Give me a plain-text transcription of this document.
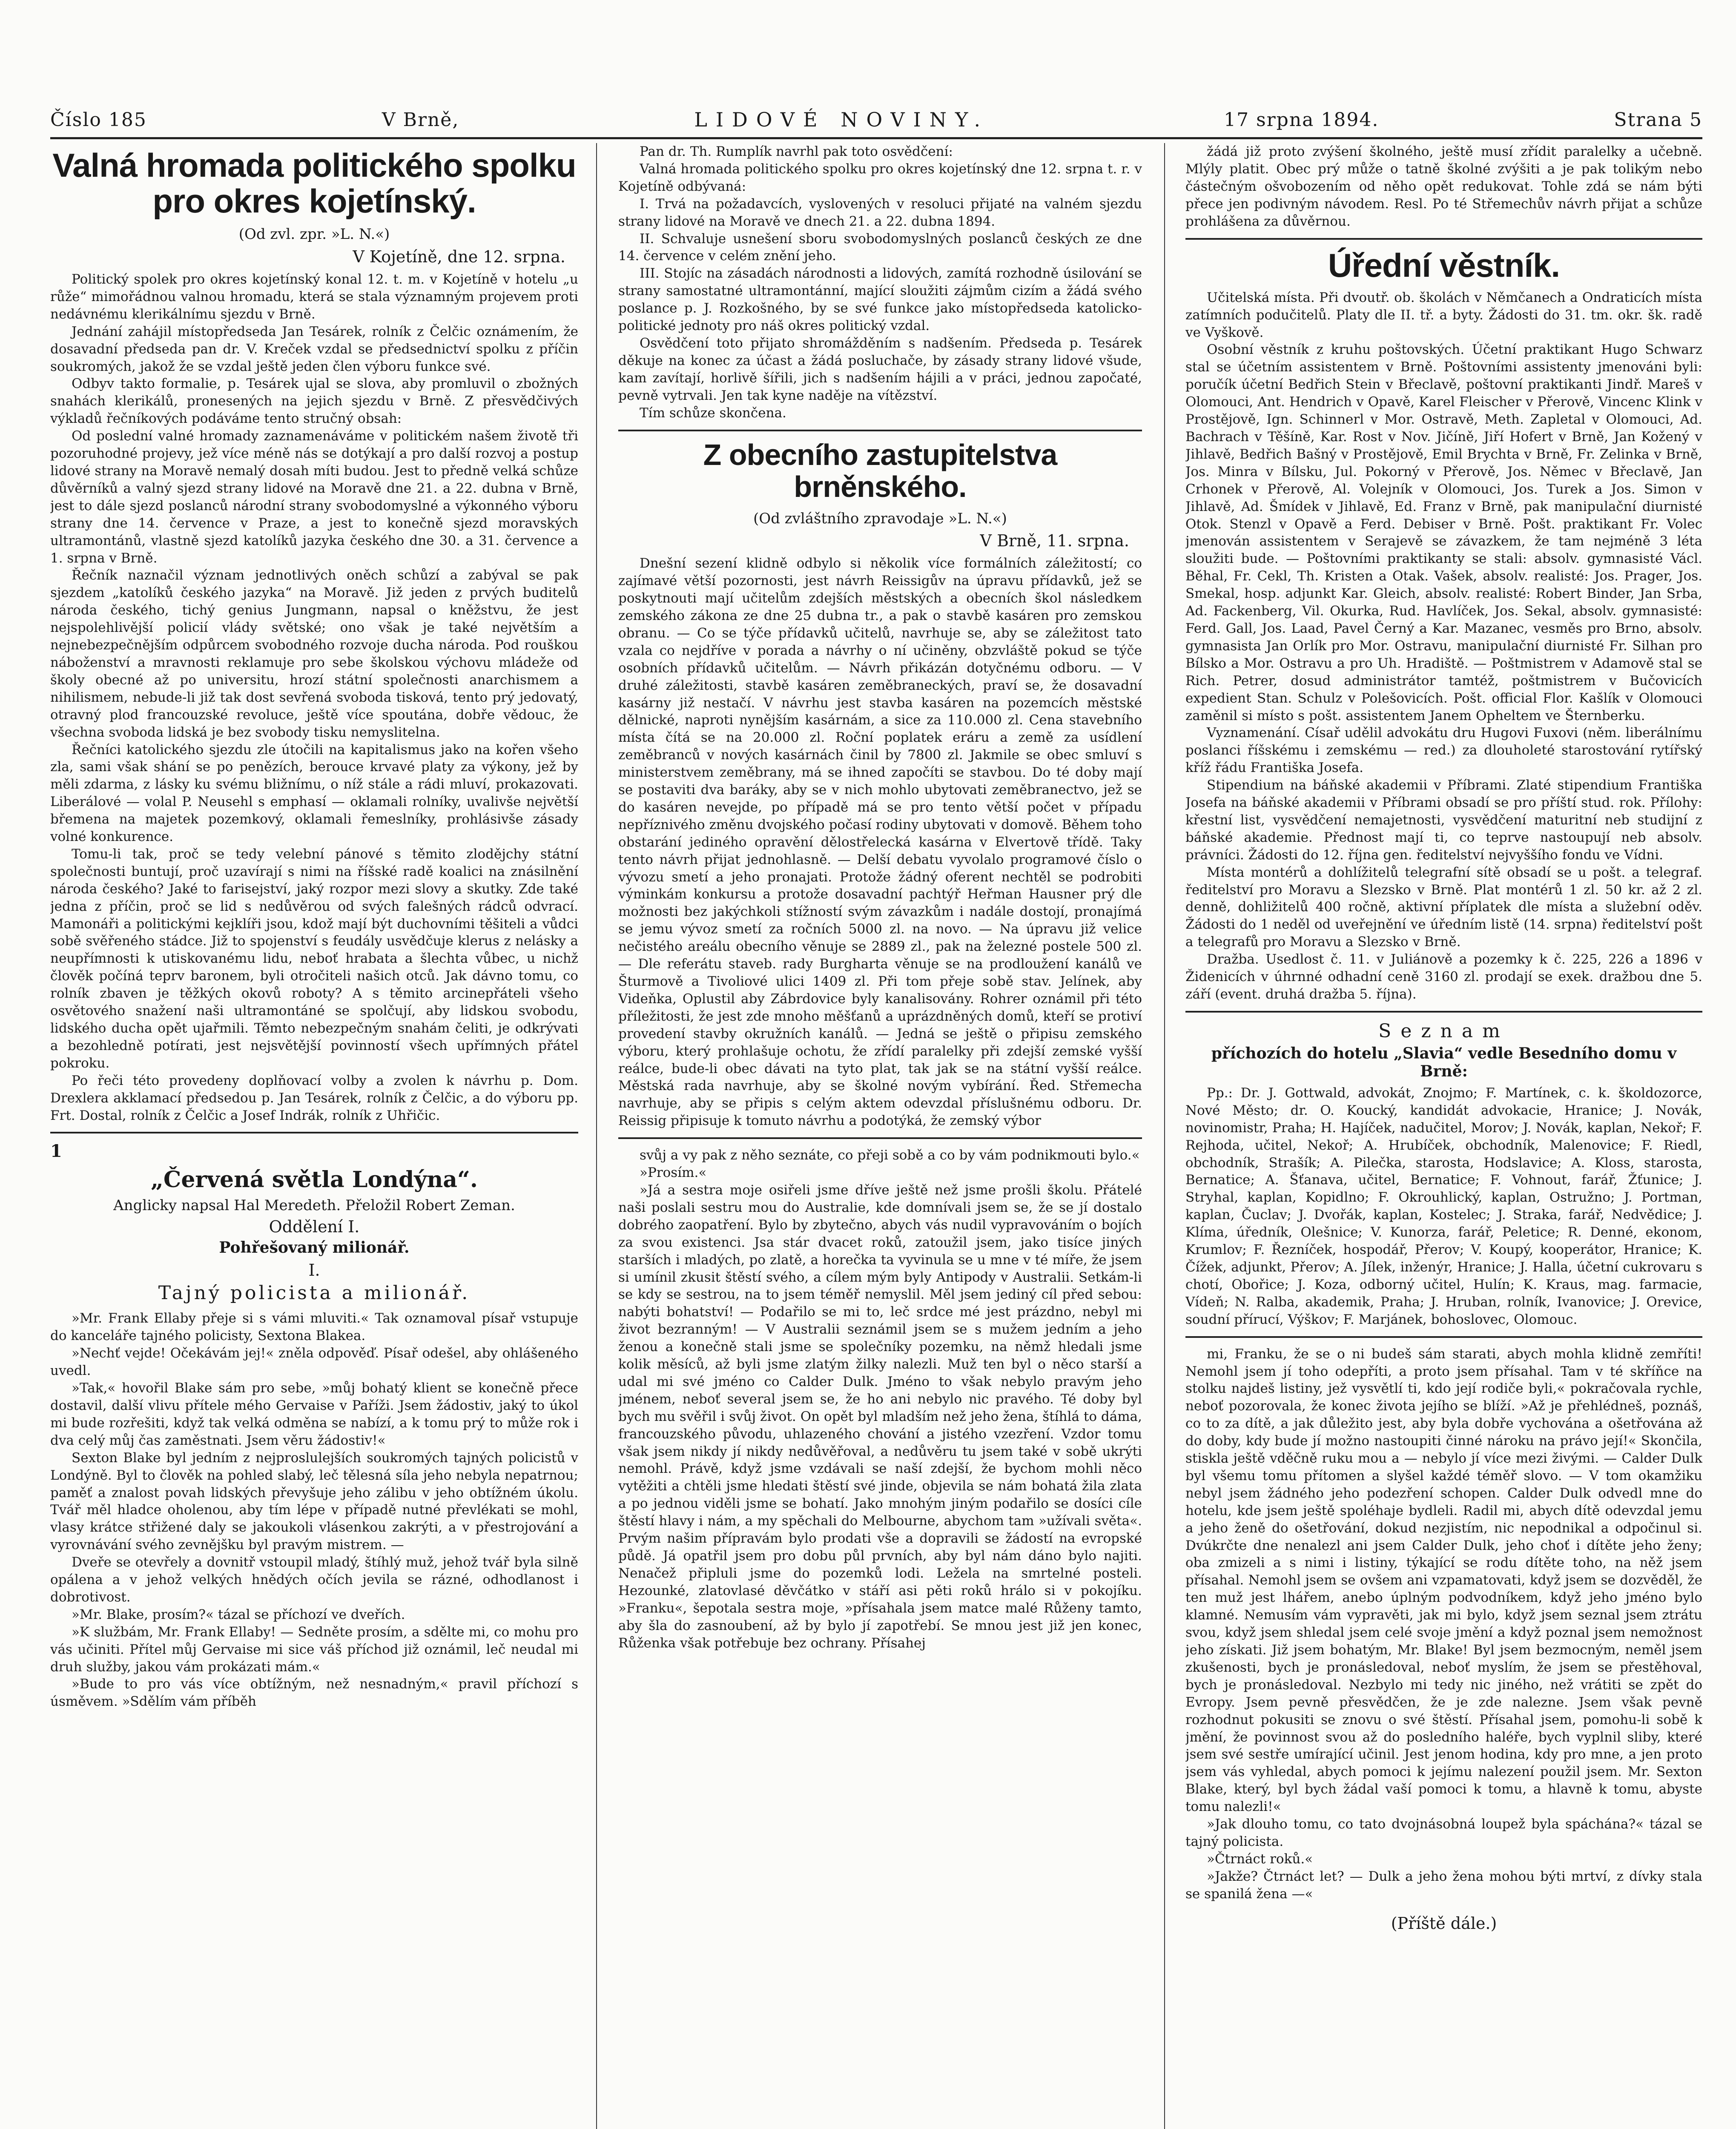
Číslo 185	V Brně,	LIDOVÉ NOVINY.	17 srpna 1894.	Strana 5
Valná hromada politického spolku pro okres kojetínský.
(Od zvl. zpr. »L. N.«)
V Kojetíně, dne 12. srpna.

Politický spolek pro okres kojetínský konal 12. t. m. v Kojetíně v hotelu „u růže“ mimořádnou valnou hromadu, která se stala významným projevem proti nedávnému klerikálnímu sjezdu v Brně.

Jednání zahájil místopředseda Jan Tesárek, rolník z Čelčic oznámením, že dosavadní předseda pan dr. V. Kreček vzdal se předsednictví spolku z příčin soukromých, jakož že se vzdal ještě jeden člen výboru funkce své.

Odbyv takto formalie, p. Tesárek ujal se slova, aby promluvil o zbožných snahách klerikálů, pronesených na jejich sjezdu v Brně. Z přesvědčivých výkladů řečníkových podáváme tento stručný obsah:

Od poslední valné hromady zaznamenáváme v politickém našem životě tři pozoruhodné projevy, jež více méně nás se dotýkají a pro další rozvoj a postup lidové strany na Moravě nemalý dosah míti budou. Jest to předně velká schůze důvěrníků a valný sjezd strany lidové na Moravě dne 21. a 22. dubna v Brně, jest to dále sjezd poslanců národní strany svobodomyslné a výkonného výboru strany dne 14. července v Praze, a jest to konečně sjezd moravských ultramontánů, vlastně sjezd katolíků jazyka českého dne 30. a 31. července a 1. srpna v Brně.

Řečník naznačil význam jednotlivých oněch schůzí a zabýval se pak sjezdem „katolíků českého jazyka“ na Moravě. Již jeden z prvých buditelů národa českého, tichý genius Jungmann, napsal o kněžstvu, že jest nejspolehlivější policií vlády světské; ono však je také největším a nejnebezpečnějším odpůrcem svobodného rozvoje ducha národa. Pod rouškou náboženství a mravnosti reklamuje pro sebe školskou výchovu mládeže od školy obecné až po universitu, hrozí státní společnosti anarchismem a nihilismem, nebude-li již tak dost sevřená svoboda tisková, tento prý jedovatý, otravný plod francouzské revoluce, ještě více spoutána, dobře vědouc, že všechna svoboda lidská je bez svobody tisku nemyslitelna.

Řečníci katolického sjezdu zle útočili na kapitalismus jako na kořen všeho zla, sami však shání se po penězích, berouce krvavé platy za výkony, jež by měli zdarma, z lásky ku svému bližnímu, o níž stále a rádi mluví, prokazovati. Liberálové — volal P. Neusehl s emphasí — oklamali rolníky, uvalivše největší břemena na majetek pozemkový, oklamali řemeslníky, prohlásivše zásady volné konkurence.

Tomu-li tak, proč se tedy velební pánové s těmito zlodějchy státní společnosti buntují, proč uzavírají s nimi na říšské radě koalici na znásilnění národa českého? Jaké to farisejství, jaký rozpor mezi slovy a skutky. Zde také jedna z příčin, proč se lid s nedůvěrou od svých falešných rádců odvrací. Mamonáři a politickými kejklíři jsou, kdož mají být duchovními těšiteli a vůdci sobě svěřeného stádce. Již to spojenství s feudály usvědčuje klerus z nelásky a neupřímnosti k utiskovanému lidu, neboť hrabata a šlechta vůbec, u nichž člověk počíná teprv baronem, byli otročiteli našich otců. Jak dávno tomu, co rolník zbaven je těžkých okovů roboty? A s těmito arcinepřáteli všeho osvětového snažení naši ultramontáné se spolčují, aby lidskou svobodu, lidského ducha opět ujařmili. Těmto nebezpečným snahám čeliti, je odkrývati a bezohledně potírati, jest nejsvětější povinností všech upřímných přátel pokroku.

Po řeči této provedeny doplňovací volby a zvolen k návrhu p. Dom. Drexlera akklamací předsedou p. Jan Tesárek, rolník z Čelčic, a do výboru pp. Frt. Dostal, rolník z Čelčic a Josef Indrák, rolník z Uhřičic.

1
„Červená světla Londýna“.
Anglicky napsal Hal Meredeth. Přeložil Robert Zeman.
Oddělení I.
Pohřešovaný milionář.
I.
Tajný policista a milionář.

»Mr. Frank Ellaby přeje si s vámi mluviti.« Tak oznamoval písař vstupuje do kanceláře tajného policisty, Sextona Blakea.

»Nechť vejde! Očekávám jej!« zněla odpověď. Písař odešel, aby ohlášeného uvedl.

»Tak,« hovořil Blake sám pro sebe, »můj bohatý klient se konečně přece dostavil, další vlivu přítele mého Gervaise v Paříži. Jsem žádostiv, jaký to úkol mi bude rozřešiti, když tak velká odměna se nabízí, a k tomu prý to může rok i dva celý můj čas zaměstnati. Jsem věru žádostiv!«

Sexton Blake byl jedním z nejproslulejších soukromých tajných policistů v Londýně. Byl to člověk na pohled slabý, leč tělesná síla jeho nebyla nepatrnou; paměť a znalost povah lidských převyšuje jeho zálibu v jeho obtížném úkolu. Tvář měl hladce oholenou, aby tím lépe v případě nutné převlékati se mohl, vlasy krátce střižené daly se jakoukoli vlásenkou zakrýti, a v přestrojování a vyrovnávání svého zevnějšku byl pravým mistrem. —

Dveře se otevřely a dovnitř vstoupil mladý, štíhlý muž, jehož tvář byla silně opálena a v jehož velkých hnědých očích jevila se rázné, odhodlanost i dobrotivost.

»Mr. Blake, prosím?« tázal se příchozí ve dveřích.

»K službám, Mr. Frank Ellaby! — Sedněte prosím, a sdělte mi, co mohu pro vás učiniti. Přítel můj Gervaise mi sice váš příchod již oznámil, leč neudal mi druh služby, jakou vám prokázati mám.«

»Bude to pro vás více obtížným, než nesnadným,« pravil příchozí s úsměvem. »Sdělím vám příběh

Pan dr. Th. Rumplík navrhl pak toto osvědčení:

Valná hromada politického spolku pro okres kojetínský dne 12. srpna t. r. v Kojetíně odbývaná:

I. Trvá na požadavcích, vyslovených v resoluci přijaté na valném sjezdu strany lidové na Moravě ve dnech 21. a 22. dubna 1894.

II. Schvaluje usnešení sboru svobodomyslných poslanců českých ze dne 14. července v celém znění jeho.

III. Stojíc na zásadách národnosti a lidových, zamítá rozhodně úsilování se strany samostatné ultramontánní, mající sloužiti zájmům cizím a žádá svého poslance p. J. Rozkošného, by se své funkce jako místopředseda katolicko-politické jednoty pro náš okres politický vzdal.

Osvědčení toto přijato shromážděním s nadšením. Předseda p. Tesárek děkuje na konec za účast a žádá posluchače, by zásady strany lidové všude, kam zavítají, horlivě šířili, jich s nadšením hájili a v práci, jednou započaté, pevně vytrvali. Jen tak kyne naděje na vítězství.

Tím schůze skončena.

Z obecního zastupitelstva brněnského.
(Od zvláštního zpravodaje »L. N.«)
V Brně, 11. srpna.

Dnešní sezení klidně odbylo si několik více formálních záležitostí; co zajímavé větší pozornosti, jest návrh Reissigův na úpravu přídavků, jež se poskytnouti mají učitelům zdejších městských a obecních škol následkem zemského zákona ze dne 25 dubna tr., a pak o stavbě kasáren pro zemskou obranu. — Co se týče přídavků učitelů, navrhuje se, aby se záležitost tato vzala co nejdříve v porada a návrhy o ní učiněny, obzvláště pokud se týče osobních přídavků učitelům. — Návrh přikázán dotyčnému odboru. — V druhé záležitosti, stavbě kasáren zeměbraneckých, praví se, že dosavadní kasárny již nestačí. V návrhu jest stavba kasáren na pozemcích městské dělnické, naproti nynějším kasárnám, a sice za 110.000 zl. Cena stavebního místa čítá se na 20.000 zl. Roční poplatek eráru a země za usídlení zeměbranců v nových kasárnách činil by 7800 zl. Jakmile se obec smluví s ministerstvem zeměbrany, má se ihned započíti se stavbou. Do té doby mají se postaviti dva baráky, aby se v nich mohlo ubytovati zeměbranectvo, jež se do kasáren nevejde, po případě má se pro tento větší počet v případu nepříznivého změnu dvojského počasí rodiny ubytovati v domově. Během toho obstarání jediného opravění dělostřelecká kasárna v Elvertově třídě. Taky tento návrh přijat jednohlasně. — Delší debatu vyvolalo programové číslo o vývozu smetí a jeho pronajati. Protože žádný oferent nechtěl se podrobiti výminkám konkursu a protože dosavadní pachtýř Heřman Hausner prý dle možnosti bez jakýchkoli stížností svým závazkům i nadále dostojí, pronajímá se jemu vývoz smetí za ročních 5000 zl. na novo. — Na úpravu již velice nečistého areálu obecního věnuje se 2889 zl., pak na železné postele 500 zl. — Dle referátu staveb. rady Burgharta věnuje se na prodloužení kanálů ve Šturmově a Tivoliové ulici 1409 zl. Při tom přeje sobě stav. Jelínek, aby Videňka, Oplustil aby Zábrdovice byly kanalisovány. Rohrer oznámil při této příležitosti, že jest zde mnoho měšťanů a uprázdněných domů, kteří se protiví provedení stavby okružních kanálů. — Jedná se ještě o připisu zemského výboru, který prohlašuje ochotu, že zřídí paralelky při zdejší zemské vyšší reálce, bude-li obec dávati na tyto plat, tak jak se na státní vyšší reálce. Městská rada navrhuje, aby se školné novým vybírání. Řed. Střemecha navrhuje, aby se připis s celým aktem odevzdal příslušnému odboru. Dr. Reissig připisuje k tomuto návrhu a podotýká, že zemský výbor

svůj a vy pak z něho seznáte, co přeji sobě a co by vám podnikmouti bylo.«

»Prosím.«

»Já a sestra moje osiřeli jsme dříve ještě než jsme prošli školu. Přátelé naši poslali sestru mou do Australie, kde domnívali jsem se, že se jí dostalo dobrého zaopatření. Bylo by zbytečno, abych vás nudil vypravováním o bojích za svou existenci. Jsa stár dvacet roků, zatoužil jsem, jako tisíce jiných starších i mladých, po zlatě, a horečka ta vyvinula se u mne v té míře, že jsem si umínil zkusit štěstí svého, a cílem mým byly Antipody v Australii. Setkám-li se kdy se sestrou, na to jsem téměř nemyslil. Měl jsem jediný cíl před sebou: nabýti bohatství! — Podařilo se mi to, leč srdce mé jest prázdno, nebyl mi život bezranným! — V Australii seznámil jsem se s mužem jedním a jeho ženou a konečně stali jsme se společníky pozemku, na němž hledali jsme kolik měsíců, až byli jsme zlatým žilky nalezli. Muž ten byl o něco starší a udal mi své jméno co Calder Dulk. Jméno to však nebylo pravým jeho jménem, neboť several jsem se, že ho ani nebylo nic pravého. Té doby byl bych mu svěřil i svůj život. On opět byl mladším než jeho žena, štíhlá to dáma, francouzského původu, uhlazeného chování a jistého vzezření. Vzdor tomu však jsem nikdy jí nikdy nedůvěřoval, a nedůvěru tu jsem také v sobě ukrýti nemohl. Právě, když jsme vzdávali se naší zdejší, že bychom mohli něco vytěžiti a chtěli jsme hledati štěstí své jinde, objevila se nám bohatá žila zlata a po jednou viděli jsme se bohatí. Jako mnohým jiným podařilo se dosíci cíle štěstí hlavy i nám, a my spěchali do Melbourne, abychom tam »užívali světa«. Prvým našim přípravám bylo prodati vše a dopravili se žádostí na evropské půdě. Já opatřil jsem pro dobu půl prvních, aby byl nám dáno bylo najiti. Nenačež připluli jsme do pozemků lodi. Ležela na smrtelné posteli. Hezounké, zlatovlasé děvčátko v stáří asi pěti roků hrálo si v pokojíku. »Franku«, šepotala sestra moje, »přísahala jsem matce malé Růženy tamto, aby šla do zasnoubení, až by bylo jí zapotřebí. Se mnou jest již jen konec, Růženka však potřebuje bez ochrany. Přísahej

žádá již proto zvýšení školného, ještě musí zřídit paralelky a učebně. Mlýly platit. Obec prý může o tatně školné zvýšiti a je pak tolikým nebo částečným ošvobozením od něho opět redukovat. Tohle zdá se nám býti přece jen podivným návodem. Resl. Po té Střemechův návrh přijat a schůze prohlášena za důvěrnou.

Úřední věstník.

Učitelská místa. Při dvoutř. ob. školách v Němčanech a Ondraticích místa zatímních podučitelů. Platy dle II. tř. a byty. Žádosti do 31. tm. okr. šk. radě ve Vyškově.

Osobní věstník z kruhu poštovských. Účetní praktikant Hugo Schwarz stal se účetním assistentem v Brně. Poštovními assistenty jmenováni byli: poručík účetní Bedřich Stein v Břeclavě, poštovní praktikanti Jindř. Mareš v Olomouci, Ant. Hendrich v Opavě, Karel Fleischer v Přerově, Vincenc Klink v Prostějově, Ign. Schinnerl v Mor. Ostravě, Meth. Zapletal v Olomouci, Ad. Bachrach v Těšíně, Kar. Rost v Nov. Jičíně, Jiří Hofert v Brně, Jan Kožený v Jihlavě, Bedřich Bašný v Prostějově, Emil Brychta v Brně, Fr. Zelinka v Brně, Jos. Minra v Bílsku, Jul. Pokorný v Přerově, Jos. Němec v Břeclavě, Jan Crhonek v Přerově, Al. Volejník v Olomouci, Jos. Turek a Jos. Simon v Jihlavě, Ad. Šmídek v Jihlavě, Ed. Franz v Brně, pak manipulační diurnisté Otok. Stenzl v Opavě a Ferd. Debiser v Brně. Pošt. praktikant Fr. Volec jmenován assistentem v Serajevě se závazkem, že tam nejméně 3 léta sloužiti bude. — Poštovními praktikanty se stali: absolv. gymnasisté Václ. Běhal, Fr. Cekl, Th. Kristen a Otak. Vašek, absolv. realisté: Jos. Prager, Jos. Smekal, hosp. adjunkt Kar. Gleich, absolv. realisté: Robert Binder, Jan Srba, Ad. Fackenberg, Vil. Okurka, Rud. Havlíček, Jos. Sekal, absolv. gymnasisté: Ferd. Gall, Jos. Laad, Pavel Černý a Kar. Mazanec, vesměs pro Brno, absolv. gymnasista Jan Orlík pro Mor. Ostravu, manipulační diurnisté Fr. Silhan pro Bílsko a Mor. Ostravu a pro Uh. Hradiště. — Poštmistrem v Adamově stal se Rich. Petrer, dosud administrátor tamtéž, poštmistrem v Bučovicích expedient Stan. Schulz v Polešovicích. Pošt. official Flor. Kašlík v Olomouci zaměnil si místo s pošt. assistentem Janem Opheltem ve Šternberku.

Vyznamenání. Císař udělil advokátu dru Hugovi Fuxovi (něm. liberálnímu poslanci říšskému i zemskému — red.) za dlouholeté starostování rytířský kříž řádu Františka Josefa.

Stipendium na báňské akademii v Příbrami. Zlaté stipendium Františka Josefa na báňské akademii v Příbrami obsadí se pro příští stud. rok. Přílohy: křestní list, vysvědčení nemajetnosti, vysvědčení maturitní neb studijní z báňské akademie. Přednost mají ti, co teprve nastoupují neb absolv. právníci. Žádosti do 12. října gen. ředitelství nejvyššího fondu ve Vídni.

Místa montérů a dohlížitelů telegrafní sítě obsadí se u pošt. a telegraf. ředitelství pro Moravu a Slezsko v Brně. Plat montérů 1 zl. 50 kr. až 2 zl. denně, dohližitelů 400 ročně, aktivní příplatek dle místa a služební oděv. Žádosti do 1 neděl od uveřejnění ve úředním listě (14. srpna) ředitelství pošt a telegrafů pro Moravu a Slezsko v Brně.

Dražba. Usedlost č. 11. v Juliánově a pozemky k č. 225, 226 a 1896 v Židenicích v úhrnné odhadní ceně 3160 zl. prodají se exek. dražbou dne 5. září (event. druhá dražba 5. října).

Seznam
příchozích do hotelu „Slavia“ vedle Besedního domu v Brně:

Pp.: Dr. J. Gottwald, advokát, Znojmo; F. Martínek, c. k. školdozorce, Nové Město; dr. O. Koucký, kandidát advokacie, Hranice; J. Novák, novinomistr, Praha; H. Hajíček, nadučitel, Morov; J. Novák, kaplan, Nekoř; F. Rejhoda, učitel, Nekoř; A. Hrubíček, obchodník, Malenovice; F. Riedl, obchodník, Strašík; A. Pilečka, starosta, Hodslavice; A. Kloss, starosta, Bernatice; A. Šťanava, učitel, Bernatice; F. Vohnout, farář, Žťunice; J. Stryhal, kaplan, Kopidlno; F. Okrouhlický, kaplan, Ostružno; J. Portman, kaplan, Čuclav; J. Dvořák, kaplan, Kostelec; J. Straka, farář, Nedvědice; J. Klíma, úředník, Olešnice; V. Kunorza, farář, Peletice; R. Denné, ekonom, Krumlov; F. Řezníček, hospodář, Přerov; V. Koupý, kooperátor, Hranice; K. Čížek, adjunkt, Přerov; A. Jílek, inženýr, Hranice; J. Halla, účetní cukrovaru s chotí, Obořice; J. Koza, odborný učitel, Hulín; K. Kraus, mag. farmacie, Vídeň; N. Ralba, akademik, Praha; J. Hruban, rolník, Ivanovice; J. Orevice, soudní přírucí, Výškov; F. Marjánek, bohoslovec, Olomouc.

mi, Franku, že se o ni budeš sám starati, abych mohla klidně zemříti! Nemohl jsem jí toho odepříti, a proto jsem přísahal. Tam v té skříňce na stolku najdeš listiny, jež vysvětlí ti, kdo její rodiče byli,« pokračovala rychle, neboť pozorovala, že konec života jejího se blíží. »Až je přehlédneš, poznáš, co to za dítě, a jak důležito jest, aby byla dobře vychována a ošetřována až do doby, kdy bude jí možno nastoupiti činné nároku na právo její!« Skončila, stiskla ještě vděčně ruku mou a — nebylo jí více mezi živými. — Calder Dulk byl všemu tomu přítomen a slyšel každé téměř slovo. — V tom okamžiku nebyl jsem žádného jeho podezření schopen. Calder Dulk odvedl mne do hotelu, kde jsem ještě spoléhaje bydleli. Radil mi, abych dítě odevzdal jemu a jeho ženě do ošetřování, dokud nezjistím, nic nepodnikal a odpočinul si. Dvúkrčte dne nenalezl ani jsem Calder Dulk, jeho choť i dítěte jeho ženy; oba zmizeli a s nimi i listiny, týkající se rodu dítěte toho, na něž jsem přísahal. Nemohl jsem se ovšem ani vzpamatovati, když jsem se dozvěděl, že ten muž jest lhářem, anebo úplným podvodníkem, když jeho jméno bylo klamné. Nemusím vám vypravěti, jak mi bylo, když jsem seznal jsem ztrátu svou, když jsem shledal jsem celé svoje jmění a když poznal jsem nemožnost jeho získati. Již jsem bohatým, Mr. Blake! Byl jsem bezmocným, neměl jsem zkušenosti, bych je pronásledoval, neboť myslím, že jsem se přestěhoval, bych je pronásledoval. Nezbylo mi tedy nic jiného, než vrátiti se zpět do Evropy. Jsem pevně přesvědčen, že je zde nalezne. Jsem však pevně rozhodnut pokusiti se znovu o své štěstí. Přísahal jsem, pomohu-li sobě k jmění, že povinnost svou až do posledního haléře, bych vyplnil sliby, které jsem své sestře umírající učinil. Jest jenom hodina, kdy pro mne, a jen proto jsem vás vyhledal, abych pomoci k jejímu nalezení použil jsem. Mr. Sexton Blake, který, byl bych žádal vaší pomoci k tomu, a hlavně k tomu, abyste tomu nalezli!«

»Jak dlouho tomu, co tato dvojnásobná loupež byla spáchána?« tázal se tajný policista.

»Čtrnáct roků.«

»Jakže? Čtrnáct let? — Dulk a jeho žena mohou býti mrtví, z dívky stala se spanilá žena —«

(Příště dále.)
